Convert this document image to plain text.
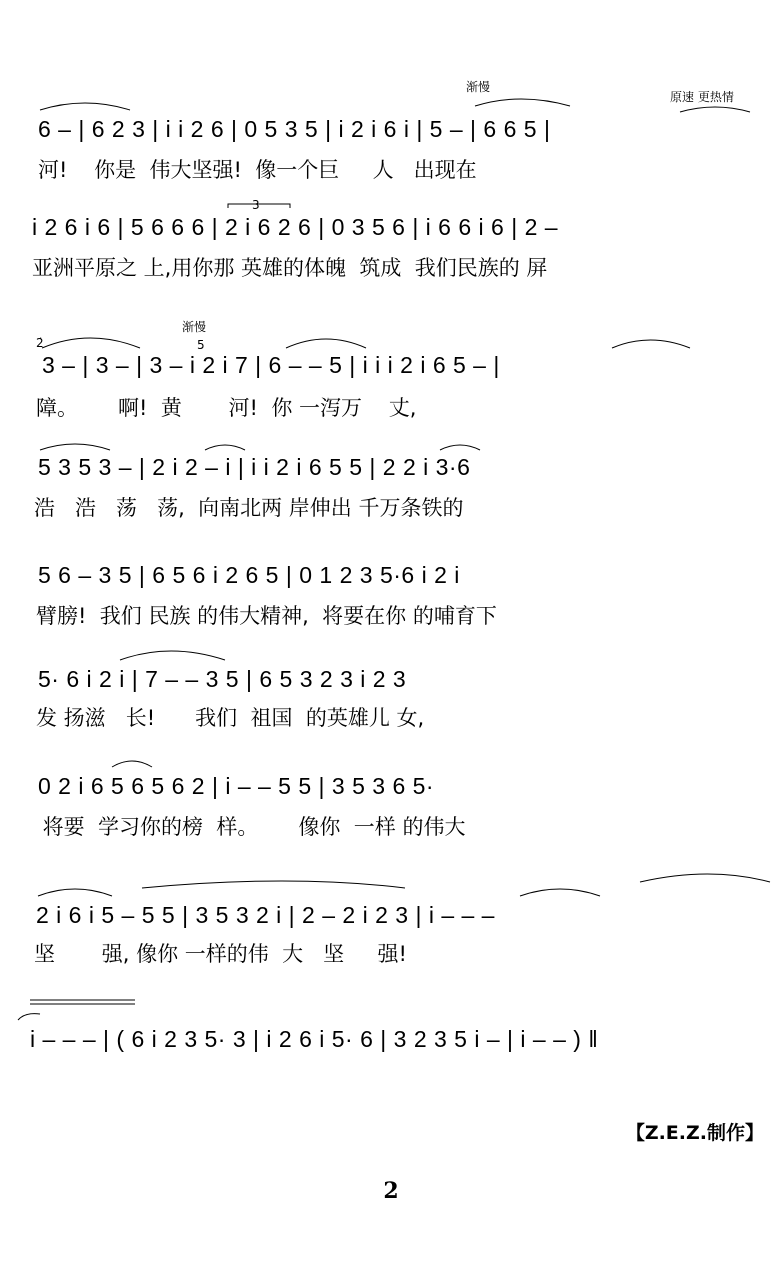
渐慢
原速 更热情
6 – | 6 2 3 | i i 2 6 | 0 5 3 5 | i 2 i 6 i | 5 – | 6 6 5 |
河!    你是  伟大坚强!  像一个巨     人   出现在
3
i 2 6 i 6 | 5 6 6 6 | 2 i 6 2 6 | 0 3 5 6 | i 6 6 i 6 | 2 –
亚洲平原之 上,用你那 英雄的体魄  筑成  我们民族的 屏
渐慢
2̇	5
3 – | 3 – | 3 – i 2 i 7 | 6 – – 5 | i i i 2 i 6 5 – |
障。      啊!  黄       河!  你 一泻万    丈,
5 3 5 3 – | 2 i 2 – i | i i 2 i 6 5 5 | 2 2 i 3·6
浩   浩   荡   荡,  向南北两 岸伸出 千万条铁的
5 6 – 3 5 | 6 5 6 i 2 6 5 | 0 1 2 3 5·6 i 2 i
臂膀!  我们 民族 的伟大精神,  将要在你 的哺育下
5· 6 i 2 i | 7 – – 3 5 | 6 5 3 2 3 i 2 3
发 扬滋   长!      我们  祖国  的英雄儿 女,
0 2 i 6 5 6 5 6 2 | i – – 5 5 | 3 5 3 6 5·
将要  学习你的榜  样。      像你  一样 的伟大
2 i 6 i 5 – 5 5 | 3 5 3 2 i | 2 – 2 i 2 3 | i – – –
坚       强, 像你 一样的伟  大   坚     强!
i – – – | ( 6 i 2 3 5· 3 | i 2 6 i 5· 6 | 3 2 3 5 i – | i – – ) ‖
【Z.E.Z.制作】
2
